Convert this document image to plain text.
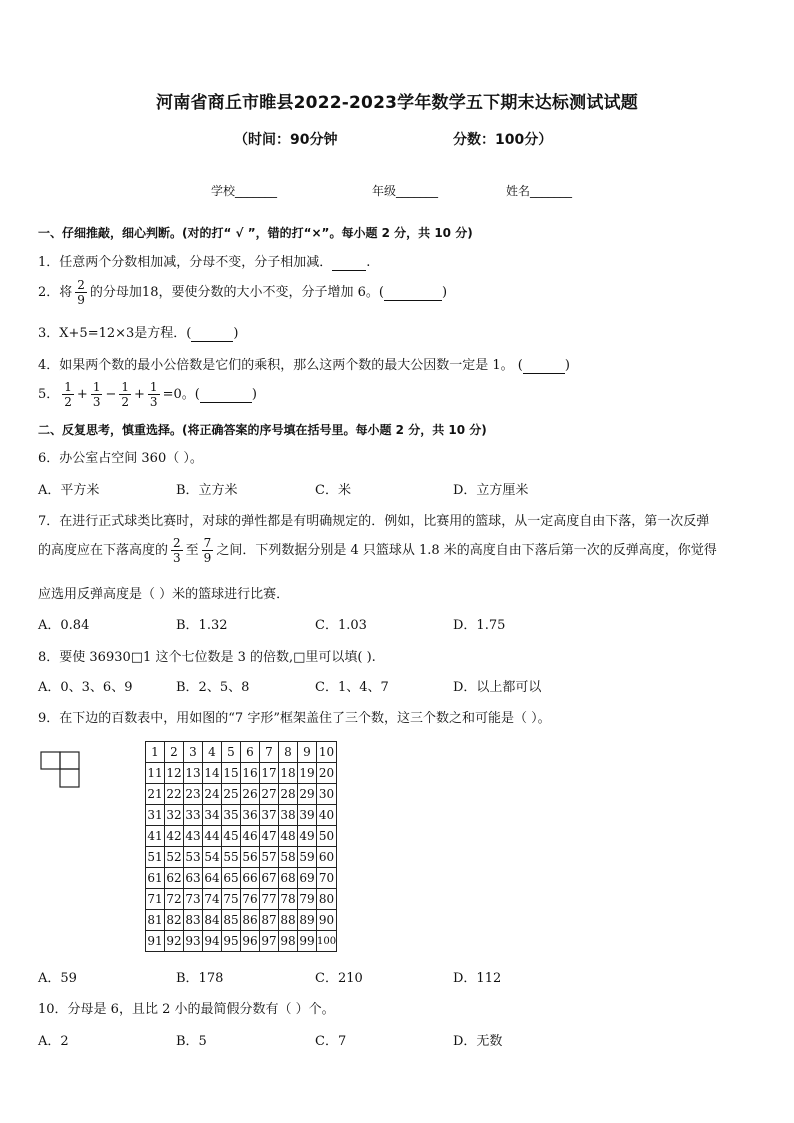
河南省商丘市睢县2022-2023学年数学五下期末达标测试试题
（时间：90分钟	分数：100分）
学校_______	年级_______	姓名_______
一、仔细推敲，细心判断。(对的打“ √ ”，错的打“×”。每小题 2 分，共 10 分)
1．任意两个分数相加减，分母不变，分子相加减．	.
2．将 $\frac{2}{9}$ 的分母加18，要使分数的大小不变，分子增加 6。(	)
3．X+5=12×3是方程．(	)
4．如果两个数的最小公倍数是它们的乘积，那么这两个数的最大公因数一定是 1。 (	)
5． $\frac{1}{2} + \frac{1}{3} - \frac{1}{2} + \frac{1}{3} =0$。(	)
二、反复思考，慎重选择。(将正确答案的序号填在括号里。每小题 2 分，共 10 分)
6．办公室占空间 360（ ）。
A．平方米	B．立方米	C．米	D．立方厘米
7．在进行正式球类比赛时，对球的弹性都是有明确规定的．例如，比赛用的篮球，从一定高度自由下落，第一次反弹
的高度应在下落高度的 $\frac{2}{3}$ 至 $\frac{7}{9}$ 之间．下列数据分别是 4 只篮球从 1.8 米的高度自由下落后第一次的反弹高度，你觉得
应选用反弹高度是（ ）米的篮球进行比赛．
A．0.84	B．1.32	C．1.03	D．1.75
8．要使 36930□1 这个七位数是 3 的倍数,□里可以填( ).
A．0、3、6、9	B．2、5、8	C．1、4、7	D．以上都可以
9．在下边的百数表中，用如图的“7 字形”框架盖住了三个数，这三个数之和可能是（ ）。
1	2	3	4	5	6	7	8	9	10
11	12	13	14	15	16	17	18	19	20
21	22	23	24	25	26	27	28	29	30
31	32	33	34	35	36	37	38	39	40
41	42	43	44	45	46	47	48	49	50
51	52	53	54	55	56	57	58	59	60
61	62	63	64	65	66	67	68	69	70
71	72	73	74	75	76	77	78	79	80
81	82	83	84	85	86	87	88	89	90
91	92	93	94	95	96	97	98	99	100
A．59	B．178	C．210	D．112
10．分母是 6，且比 2 小的最简假分数有（ ）个。
A．2	B．5	C．7	D．无数
